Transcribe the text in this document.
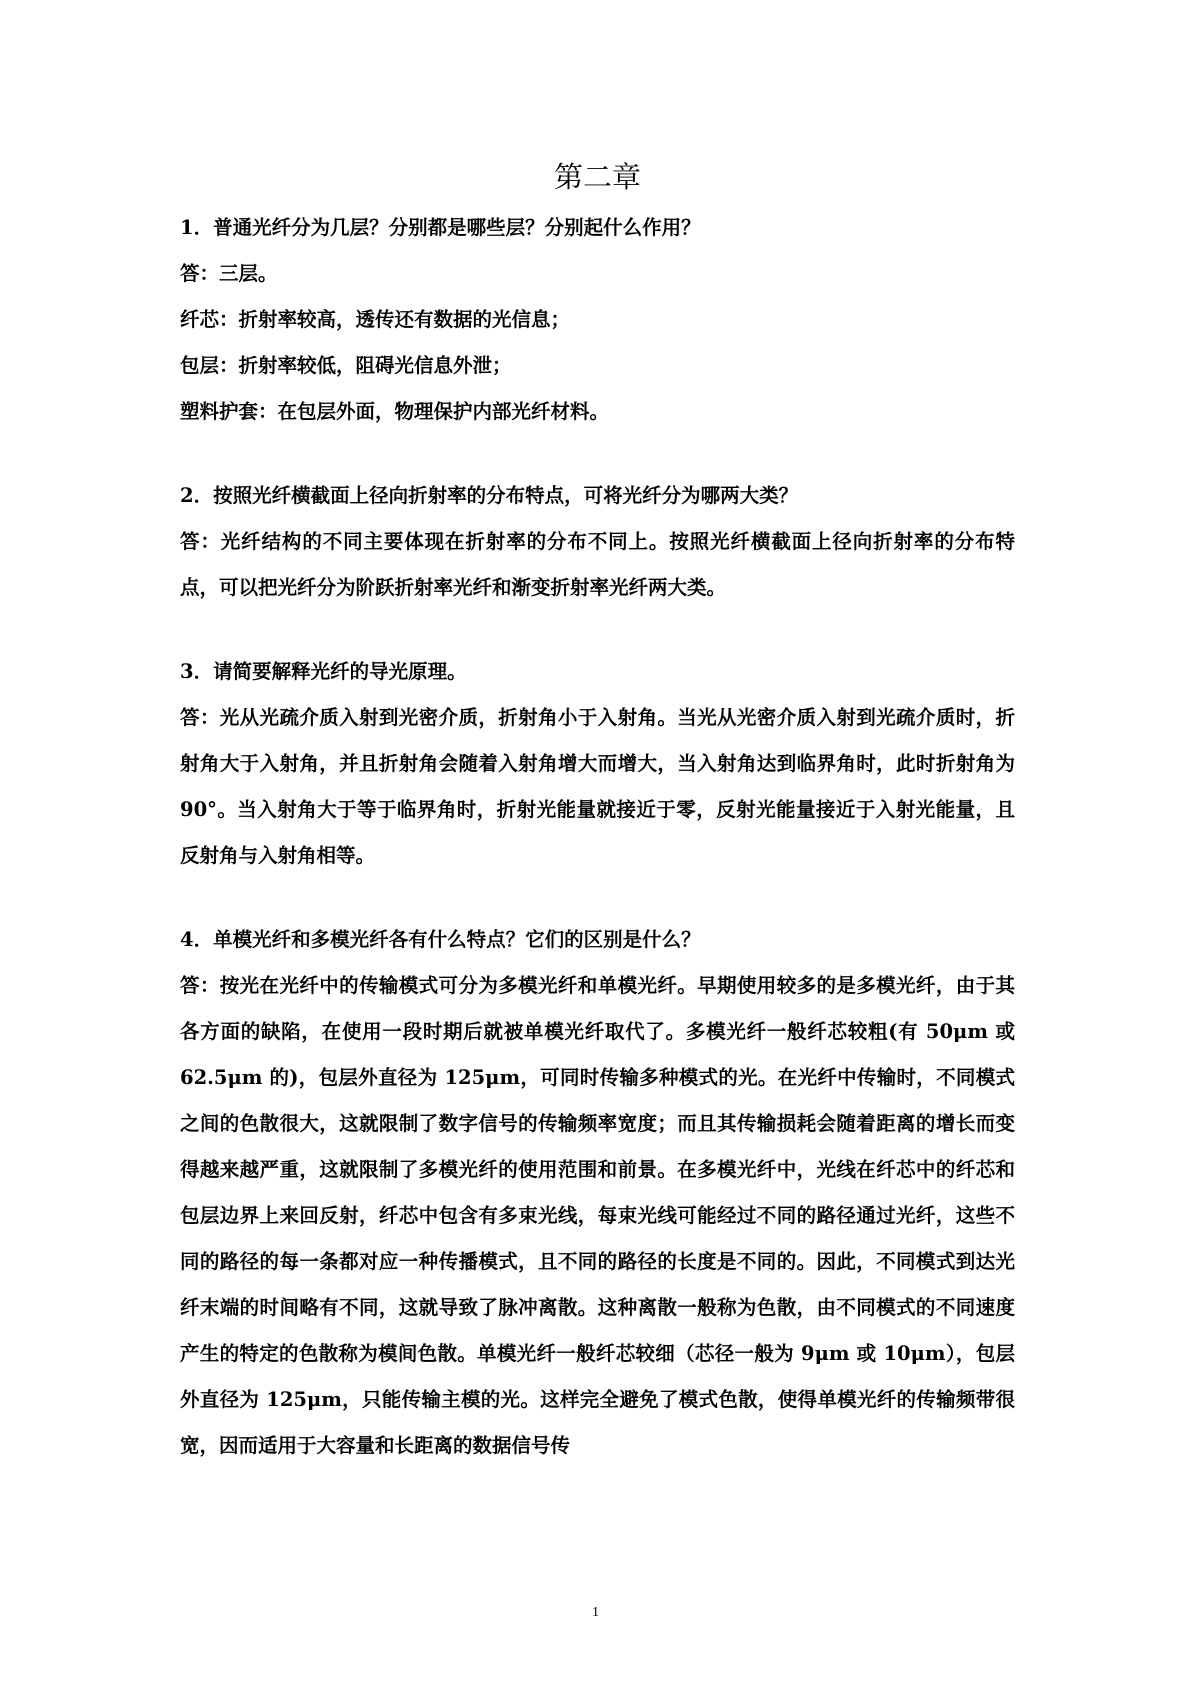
第二章
1．普通光纤分为几层？分别都是哪些层？分别起什么作用？
答：三层。
纤芯：折射率较高，透传还有数据的光信息；
包层：折射率较低，阻碍光信息外泄；
塑料护套：在包层外面，物理保护内部光纤材料。
2．按照光纤横截面上径向折射率的分布特点，可将光纤分为哪两大类？
答：光纤结构的不同主要体现在折射率的分布不同上。按照光纤横截面上径向折射率的分布特点，可以把光纤分为阶跃折射率光纤和渐变折射率光纤两大类。
3．请简要解释光纤的导光原理。
答：光从光疏介质入射到光密介质，折射角小于入射角。当光从光密介质入射到光疏介质时，折射角大于入射角，并且折射角会随着入射角增大而增大，当入射角达到临界角时，此时折射角为 90°。当入射角大于等于临界角时，折射光能量就接近于零，反射光能量接近于入射光能量，且反射角与入射角相等。
4．单模光纤和多模光纤各有什么特点？它们的区别是什么？
答：按光在光纤中的传输模式可分为多模光纤和单模光纤。早期使用较多的是多模光纤，由于其各方面的缺陷，在使用一段时期后就被单模光纤取代了。多模光纤一般纤芯较粗(有 50μm 或 62.5μm 的)，包层外直径为 125μm，可同时传输多种模式的光。在光纤中传输时，不同模式之间的色散很大，这就限制了数字信号的传输频率宽度；而且其传输损耗会随着距离的增长而变得越来越严重，这就限制了多模光纤的使用范围和前景。在多模光纤中，光线在纤芯中的纤芯和包层边界上来回反射，纤芯中包含有多束光线，每束光线可能经过不同的路径通过光纤，这些不同的路径的每一条都对应一种传播模式，且不同的路径的长度是不同的。因此，不同模式到达光纤末端的时间略有不同，这就导致了脉冲离散。这种离散一般称为色散，由不同模式的不同速度产生的特定的色散称为模间色散。单模光纤一般纤芯较细（芯径一般为 9μm 或 10μm），包层外直径为 125μm，只能传输主模的光。这样完全避免了模式色散，使得单模光纤的传输频带很宽，因而适用于大容量和长距离的数据信号传
1
